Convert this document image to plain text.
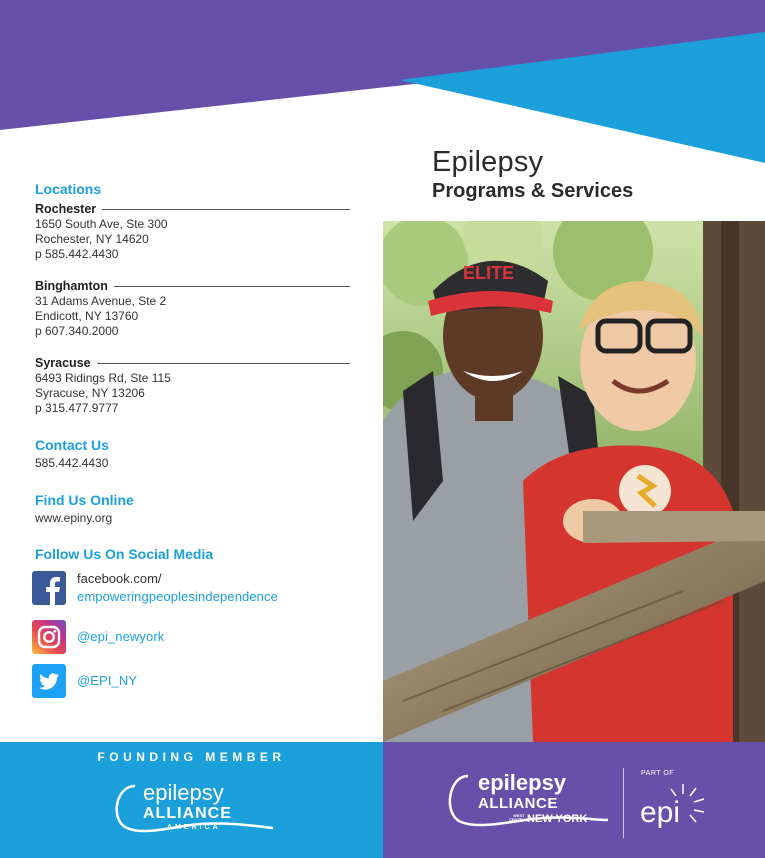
Epilepsy
Programs & Services
Locations
Rochester
1650 South Ave, Ste 300
Rochester, NY 14620
p 585.442.4430
Binghamton
31 Adams Avenue, Ste 2
Endicott, NY 13760
p 607.340.2000
Syracuse
6493 Ridings Rd, Ste 115
Syracuse, NY 13206
p 315.477.9777
Contact Us
585.442.4430
Find Us Online
www.epiny.org
Follow Us On Social Media
facebook.com/
empoweringpeoplesindependence
@epi_newyork
@EPI_NY
ELITE
FOUNDING MEMBER
epilepsy
ALLIANCE
AMERICA
epilepsy
ALLIANCE
WEST
CENTRAL
NEW YORK
PART OF
epi
